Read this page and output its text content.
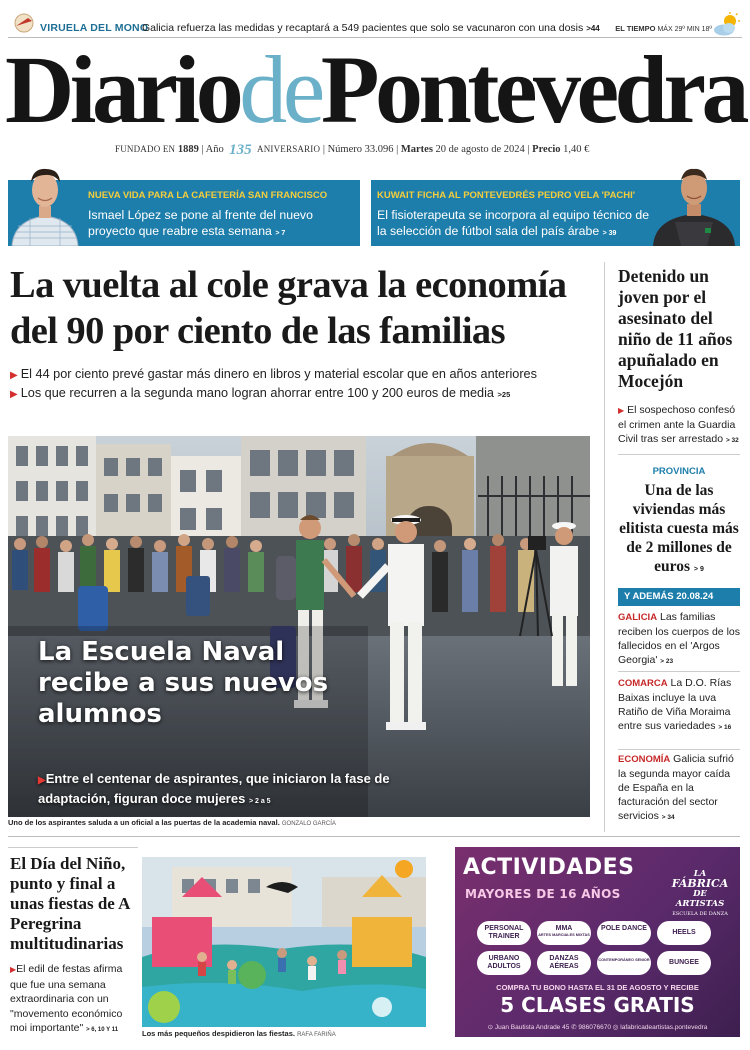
VIRUELA DEL MONO
Galicia refuerza las medidas y recaptará a 549 pacientes que solo se vacunaron con una dosis >44 EL TIEMPO MÁX 29º MIN 18º
DiariodePontevedra
FUNDADO EN 1889 | Año 135 ANIVERSARIO | Número 33.096 | Martes 20 de agosto de 2024 | Precio 1,40 €
NUEVA VIDA PARA LA CAFETERÍA SAN FRANCISCO
Ismael López se pone al frente del nuevo proyecto que reabre esta semana > 7
KUWAIT FICHA AL PONTEVEDRÉS PEDRO VELA 'PACHI'
El fisioterapeuta se incorpora al equipo técnico de la selección de fútbol sala del país árabe > 39
La vuelta al cole grava la economía del 90 por ciento de las familias
▶ El 44 por ciento prevé gastar más dinero en libros y material escolar que en años anteriores
▶ Los que recurren a la segunda mano logran ahorrar entre 100 y 200 euros de media >25
Detenido un joven por el asesinato del niño de 11 años apuñalado en Mocejón
▶ El sospechoso confesó el crimen ante la Guardia Civil tras ser arrestado > 32
PROVINCIA
Una de las viviendas más elitista cuesta más de 2 millones de euros > 9
Y ADEMÁS 20.08.24
GALICIA Las familias reciben los cuerpos de los fallecidos en el 'Argos Georgia' > 23
COMARCA La D.O. Rías Baixas incluye la uva Ratiño de Viña Moraima entre sus variedades > 16
ECONOMÍA Galicia sufrió la segunda mayor caída de España en la facturación del sector servicios > 34
La Escuela Naval recibe a sus nuevos alumnos
▶Entre el centenar de aspirantes, que iniciaron la fase de adaptación, figuran doce mujeres > 2 a 5
Uno de los aspirantes saluda a un oficial a las puertas de la academia naval. GONZALO GARCÍA
El Día del Niño, punto y final a unas fiestas de A Peregrina multitudinarias
▶El edil de festas afirma que fue una semana extraordinaria con un "movemento económico moi importante" > 6, 10 Y 11	Los más pequeños despidieron las fiestas. RAFA FARIÑA
ACTIVIDADES
MAYORES DE 16 AÑOS
LA
FÁBRICA
DE ARTISTAS
ESCUELA DE DANZA
PERSONAL TRAINER
MMA
ARTES MARCIALES MIXTAS
POLE DANCE
HEELS
URBANO ADULTOS
DANZAS AÉREAS
CONTEMPORÁNEO SENIOR	BUNGEE
COMPRA TU BONO HASTA EL 31 DE AGOSTO Y RECIBE
5 CLASES GRATIS
⊙ Juan Bautista Andrade 45 ✆ 986076670 ◎ lafabricadeartistas.pontevedra
